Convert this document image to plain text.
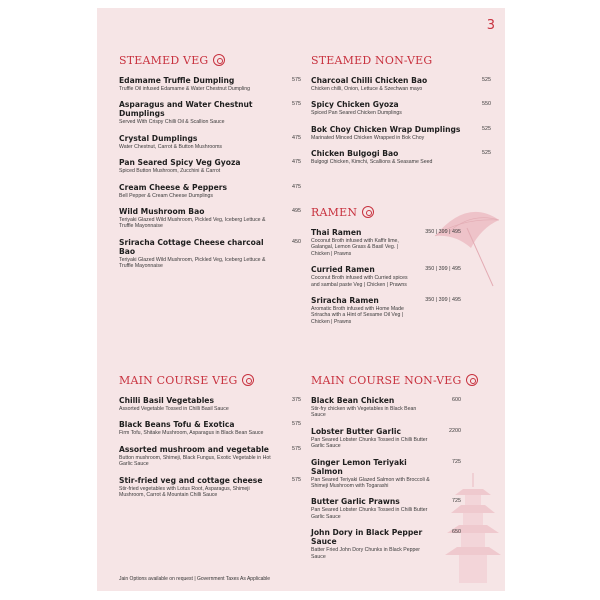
3
STEAMED VEG
Edamame Truffle Dumpling
Truffle Oil infused Edamame & Water Chestnut Dumpling
575
Asparagus and Water Chestnut Dumplings
Served With Crispy Chilli Oil & Scallion Sauce
575
Crystal Dumplings
Water Chestnut, Carrot & Button Mushrooms
475
Pan Seared Spicy Veg Gyoza
Spiced Button Mushroom, Zucchini & Carrot
475
Cream Cheese & Peppers
Bell Pepper & Cream Cheese Dumplings
475
Wild Mushroom Bao
Teriyaki Glazed Wild Mushroom, Pickled Veg, Iceberg Lettuce & Truffle Mayonnaise
495
Sriracha Cottage Cheese charcoal Bao
Teriyaki Glazed Wild Mushroom, Pickled Veg, Iceberg Lettuce & Truffle Mayonnaise
450
STEAMED NON-VEG
Charcoal Chilli Chicken Bao
Chicken chilli, Onion, Lettuce & Szechwan mayo
525
Spicy Chicken Gyoza
Spiced Pan Seared Chicken Dumplings
550
Bok Choy Chicken Wrap Dumplings
Marinated Minced Chicken Wrapped in Bok Choy
525
Chicken Bulgogi Bao
Bulgogi Chicken, Kimchi, Scallions & Seasame Seed
525
RAMEN
Thai Ramen
Coconut Broth infused with Kaffir lime, Galangal, Lemon Grass & Basil Veg. | Chicken | Prawns
350 | 399 | 495
Curried Ramen
Coconut Broth infused with Curried spices and sambal paste Veg | Chicken | Prawns
350 | 399 | 495
Sriracha Ramen
Aromatic Broth infused with Home Made Sriracha with a Hint of Sesame Oil Veg | Chicken | Prawns
350 | 399 | 495
MAIN COURSE VEG
Chilli Basil Vegetables
Assorted Vegetable Tossed in Chilli Basil Sauce
375
Black Beans Tofu & Exotica
Firm Tofu, Shitake Mushroom, Asparagus in Black Bean Sauce
575
Assorted mushroom and vegetable
Button mushroom, Shimeji, Black Fungus, Exotic Vegetable in Hot Garlic Sauce
575
Stir-fried veg and cottage cheese
Stir-fried vegetables with Lotus Root, Asparagus, Shimeji Mushroom, Carrot & Mountain Chilli Sauce
575
MAIN COURSE NON-VEG
Black Bean Chicken
Stir-fry chicken with Vegetables in Black Bean Sauce
600
Lobster Butter Garlic
Pan Seared Lobster Chunks Tossed in Chilli Butter Garlic Sauce
2200
Ginger Lemon Teriyaki Salmon
Pan Seared Teriyaki Glazed Salmon with Broccoli & Shimeji Mushroom with Togarashi
725
Butter Garlic Prawns
Pan Seared Lobster Chunks Tossed in Chilli Butter Garlic Sauce
725
John Dory in Black Pepper Sauce
Batter Fried John Dory Chunks in Black Pepper Sauce
650
Jain Options available on request | Government Taxes As Applicable
